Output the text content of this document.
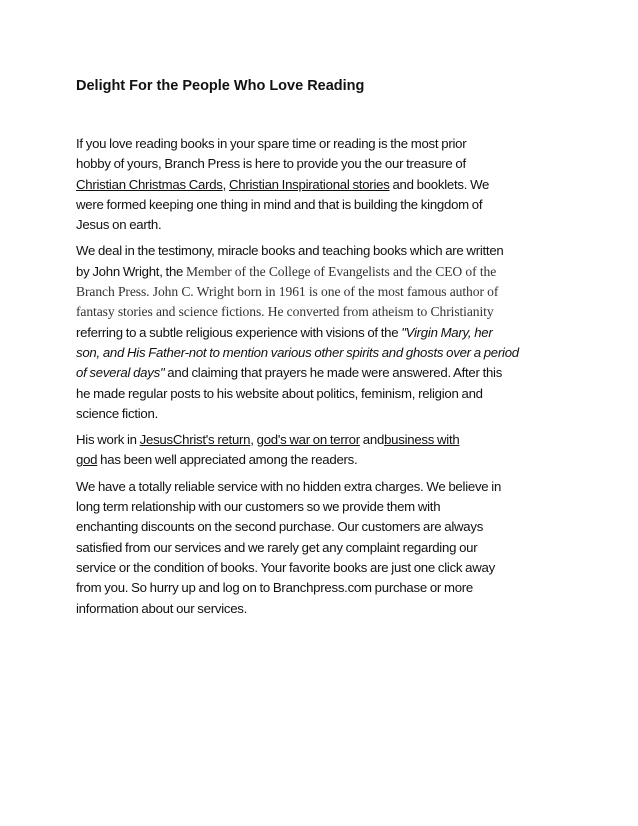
Delight For the People Who Love Reading

If you love reading books in your spare time or reading is the most prior
hobby of yours, Branch Press is here to provide you the our treasure of
Christian Christmas Cards, Christian Inspirational stories and booklets. We
were formed keeping one thing in mind and that is building the kingdom of
Jesus on earth.

We deal in the testimony, miracle books and teaching books which are written
by John Wright, the Member of the College of Evangelists and the CEO of the
Branch Press. John C. Wright born in 1961 is one of the most famous author of
fantasy stories and science fictions. He converted from atheism to Christianity
referring to a subtle religious experience with visions of the "Virgin Mary, her
son, and His Father-not to mention various other spirits and ghosts over a period
of several days" and claiming that prayers he made were answered. After this
he made regular posts to his website about politics, feminism, religion and
science fiction.

His work in JesusChrist's return, god's war on terror andbusiness with
god has been well appreciated among the readers.

We have a totally reliable service with no hidden extra charges. We believe in
long term relationship with our customers so we provide them with
enchanting discounts on the second purchase. Our customers are always
satisfied from our services and we rarely get any complaint regarding our
service or the condition of books. Your favorite books are just one click away
from you. So hurry up and log on to Branchpress.com purchase or more
information about our services.
